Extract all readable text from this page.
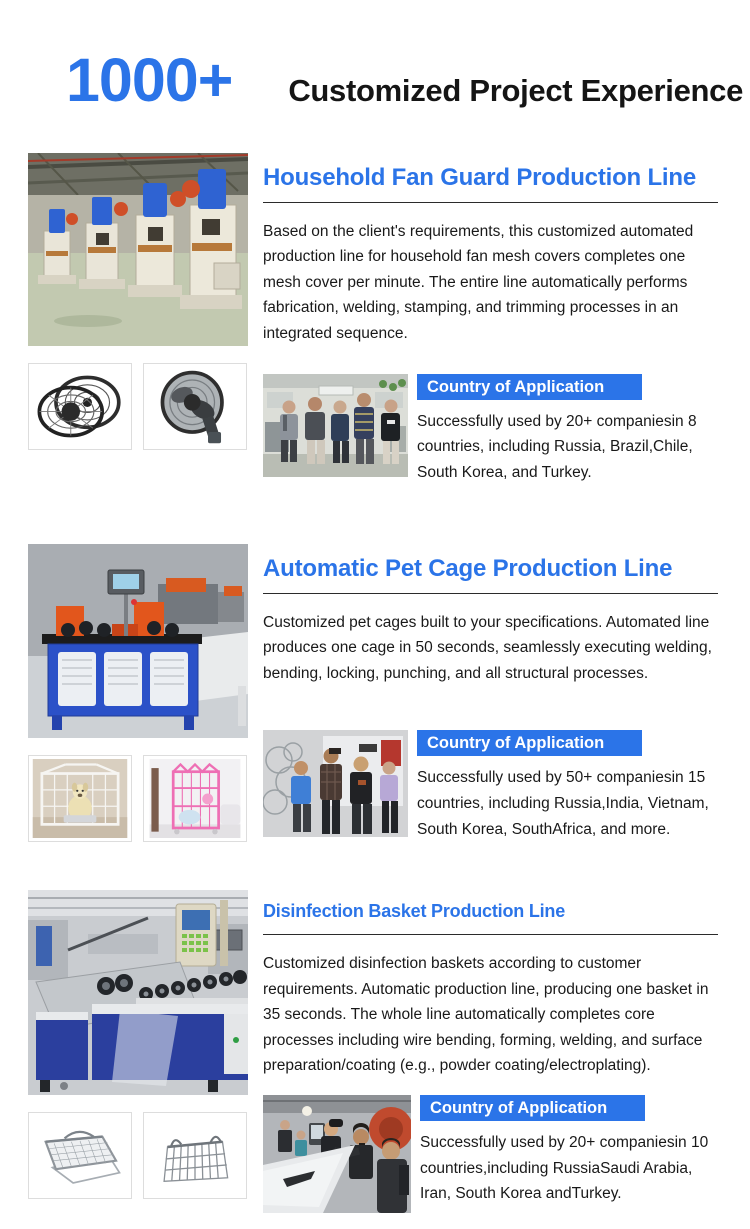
1000+ Customized Project Experience
Household Fan Guard Production Line

Based on the client's requirements, this customized automated production line for household fan mesh covers completes one mesh cover per minute. The entire line automatically performs fabrication, welding, stamping, and trimming processes in an integrated sequence.

Country of Application

Successfully used by 20+ companiesin 8 countries, including Russia, Brazil,Chile, South Korea, and Turkey.

Automatic Pet Cage Production Line

Customized pet cages built to your specifications. Automated line produces one cage in 50 seconds, seamlessly executing welding, bending, locking, punching, and all structural processes.

Country of Application

Successfully used by 50+ companiesin 15 countries, including Russia,India, Vietnam, South Korea, SouthAfrica, and more.

Disinfection Basket Production Line

Customized disinfection baskets according to customer requirements. Automatic production line, producing one basket in 35 seconds. The whole line automatically completes core processes including wire bending, forming, welding, and surface preparation/coating (e.g., powder coating/electroplating).

Country of Application

Successfully used by 20+ companiesin 10 countries,including RussiaSaudi Arabia, Iran, South Korea andTurkey.
